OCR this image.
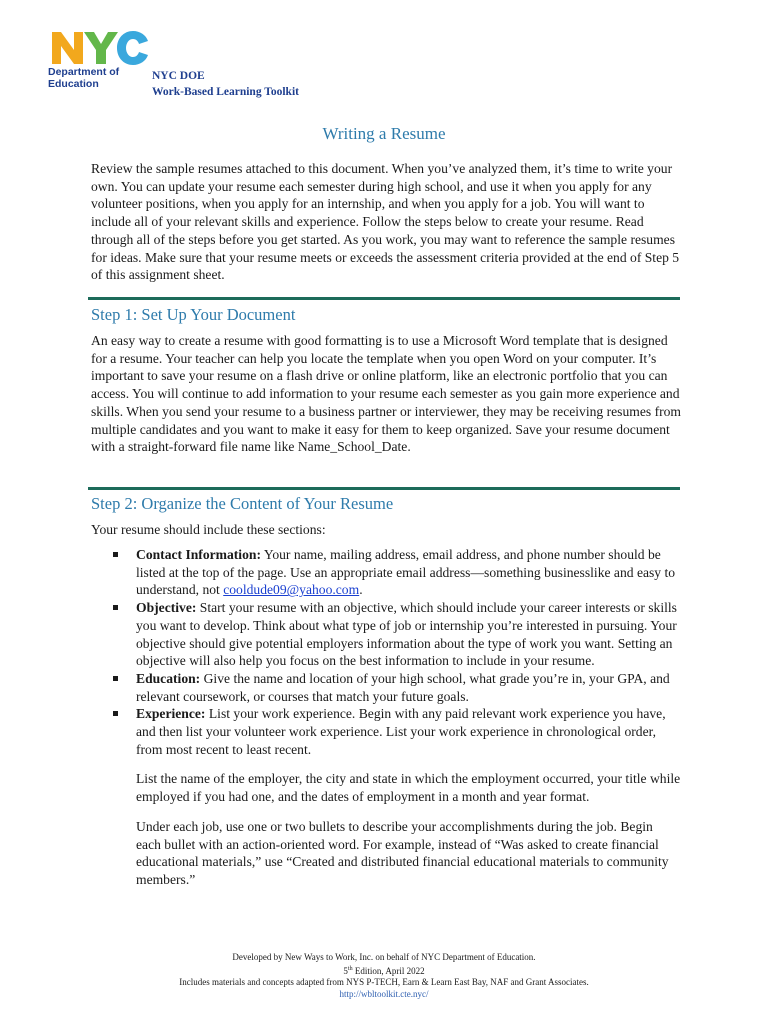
Department of
Education
NYC DOE
Work-Based Learning Toolkit
Writing a Resume

Review the sample resumes attached to this document. When you’ve analyzed them, it’s time to write your own. You can update your resume each semester during high school, and use it when you apply for any volunteer positions, when you apply for an internship, and when you apply for a job. You will want to include all of your relevant skills and experience. Follow the steps below to create your resume. Read through all of the steps before you get started. As you work, you may want to reference the sample resumes for ideas. Make sure that your resume meets or exceeds the assessment criteria provided at the end of Step 5 of this assignment sheet.

Step 1: Set Up Your Document

An easy way to create a resume with good formatting is to use a Microsoft Word template that is designed for a resume. Your teacher can help you locate the template when you open Word on your computer. It’s important to save your resume on a flash drive or online platform, like an electronic portfolio that you can access. You will continue to add information to your resume each semester as you gain more experience and skills. When you send your resume to a business partner or interviewer, they may be receiving resumes from multiple candidates and you want to make it easy for them to keep organized. Save your resume document with a straight-forward file name like Name_School_Date.

Step 2: Organize the Content of Your Resume

Your resume should include these sections:

Contact Information: Your name, mailing address, email address, and phone number should be listed at the top of the page. Use an appropriate email address—something businesslike and easy to understand, not cooldude09@yahoo.com.
Objective: Start your resume with an objective, which should include your career interests or skills you want to develop. Think about what type of job or internship you’re interested in pursuing. Your objective should give potential employers information about the type of work you want. Setting an objective will also help you focus on the best information to include in your resume.
Education: Give the name and location of your high school, what grade you’re in, your GPA, and relevant coursework, or courses that match your future goals.
Experience: List your work experience. Begin with any paid relevant work experience you have, and then list your volunteer work experience. List your work experience in chronological order, from most recent to least recent.
List the name of the employer, the city and state in which the employment occurred, your title while employed if you had one, and the dates of employment in a month and year format.
Under each job, use one or two bullets to describe your accomplishments during the job. Begin each bullet with an action-oriented word. For example, instead of “Was asked to create financial educational materials,” use “Created and distributed financial educational materials to community members.”
Developed by New Ways to Work, Inc. on behalf of NYC Department of Education.
5th Edition, April 2022
Includes materials and concepts adapted from NYS P-TECH, Earn & Learn East Bay, NAF and Grant Associates.
http://wbltoolkit.cte.nyc/
